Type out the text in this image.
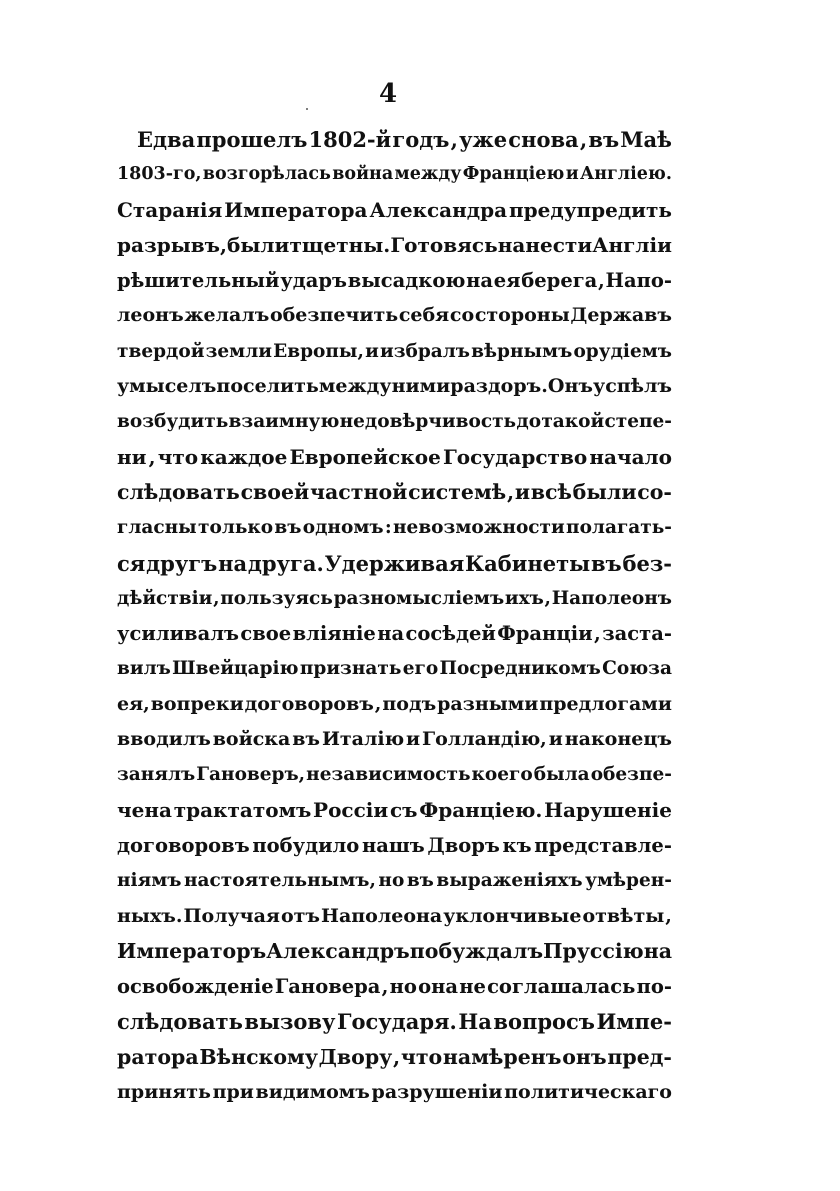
4
Едва прошелъ 1802-й годъ , уже снова , въ Маѣ
1803-го, возгорѣлась война между Франціею и Англіею.
Старанія Императора Александра предупредить
разрывъ, были тщетны. Готовясь нанести Англіи
рѣшительный ударъ высадкою на ея берега , Напо-
леонъ желалъ обезпечить себя со стороны Державъ
твердой земли Европы, и избралъ вѣрнымъ орудіемъ
умыселъ поселить между ними раздоръ. Онъ успѣлъ
возбудить взаимную недовѣрчивость до такой степе-
ни , что каждое Европейское Государство начало
слѣдовать своей частной системѣ , и всѣ были со-
гласны только въ одномъ : невозможности полагать-
ся другъ на друга. Удерживая Кабинеты въ без-
дѣйствіи , пользуясь разномысліемъ ихъ , Наполеонъ
усиливалъ свое вліяніе на сосѣдей Франціи , заста-
вилъ Швейцарію признать его Посредникомъ Союза
ея, вопреки договоровъ , подъ разными предлогами
вводилъ войска въ Италію и Голландію, и наконецъ
занялъ Гановеръ, независимость коего была обезпе-
чена трактатомъ Россіи съ Франціею. Нарушеніе
договоровъ побудило нашъ Дворъ къ представле-
ніямъ настоятельнымъ, но въ выраженіяхъ умѣрен-
ныхъ. Получая отъ Наполеона уклончивые отвѣты ,
Императоръ Александръ побуждалъ Пруссію на
освобожденіе Гановера , но она не соглашалась по-
слѣдовать вызову Государя. На вопросъ Импе-
ратора Вѣнскому Двору , что намѣренъ онъ пред-
принять при видимомъ разрушеніи политическаго
